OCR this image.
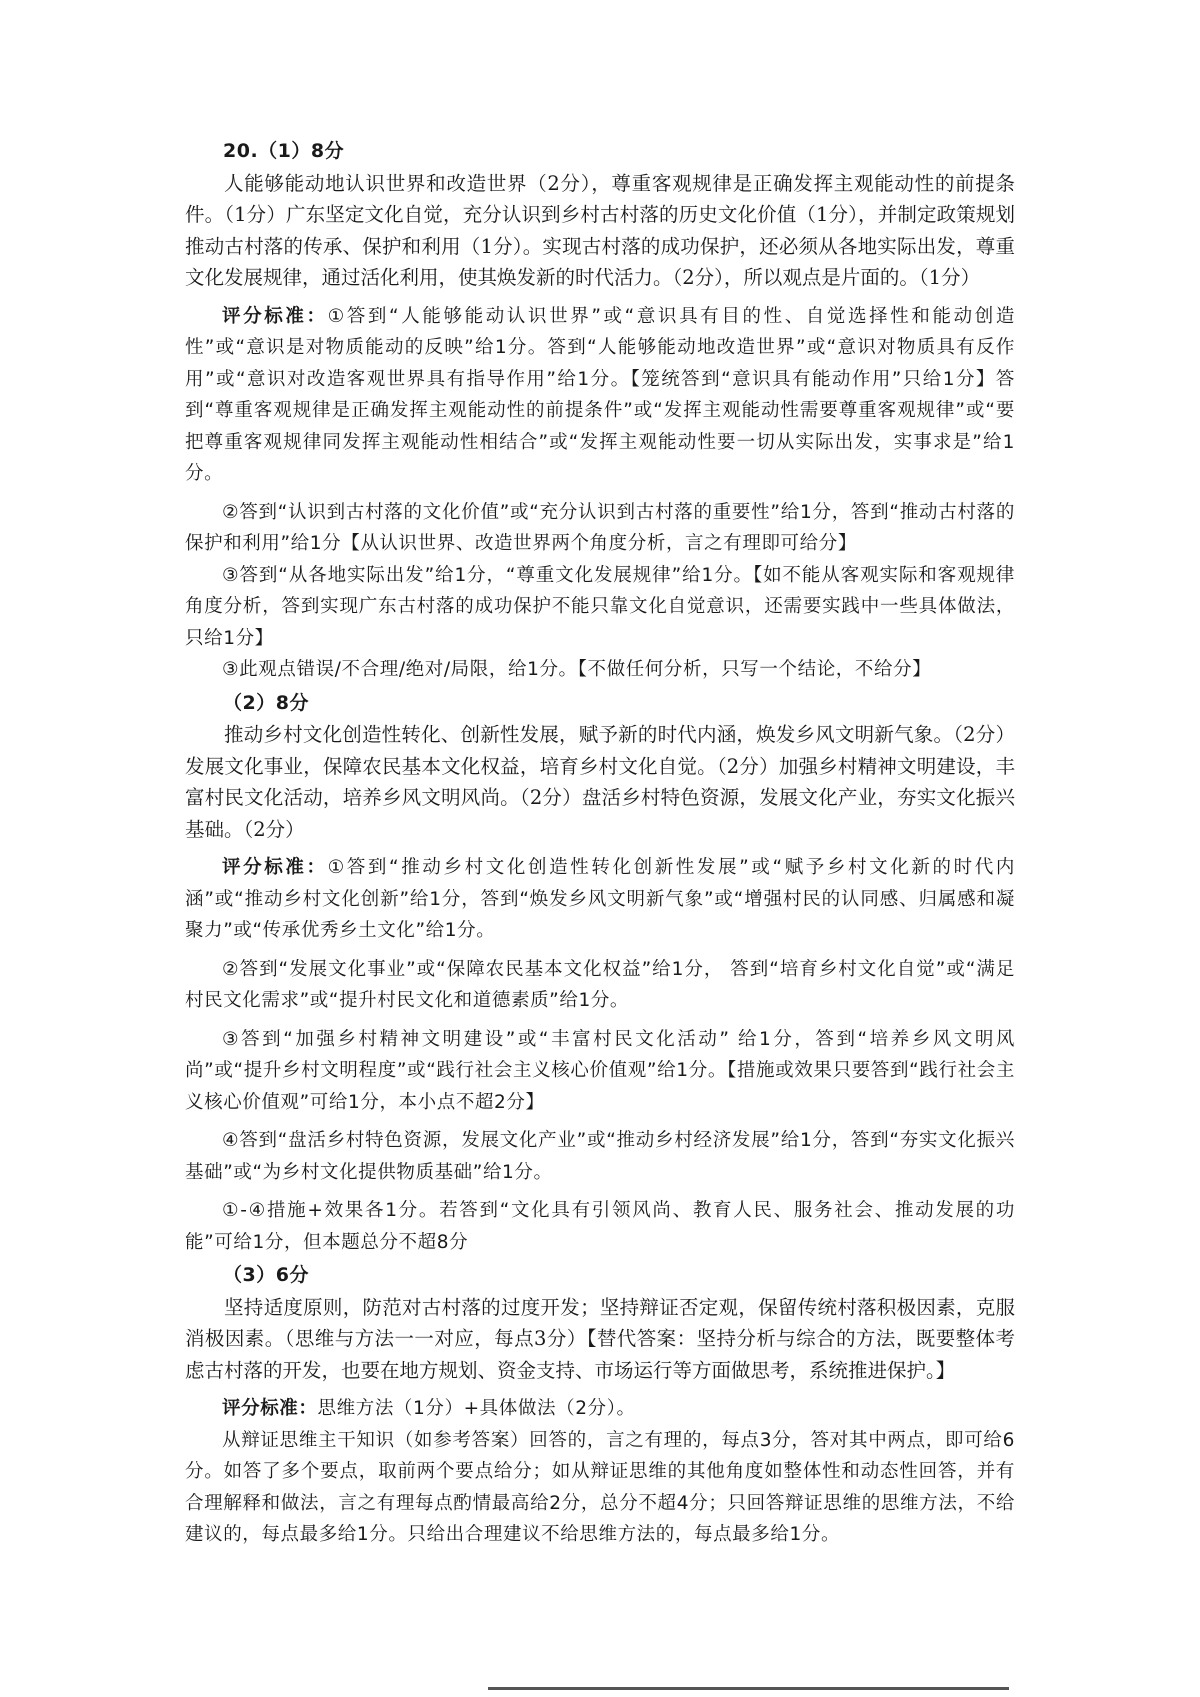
20.（1）8分

人能够能动地认识世界和改造世界（2分），尊重客观规律是正确发挥主观能动性的前提条件。（1分）广东坚定文化自觉，充分认识到乡村古村落的历史文化价值（1分），并制定政策规划推动古村落的传承、保护和利用（1分）。实现古村落的成功保护，还必须从各地实际出发，尊重文化发展规律，通过活化利用，使其焕发新的时代活力。（2分），所以观点是片面的。（1分）

评分标准：①答到“人能够能动认识世界”或“意识具有目的性、自觉选择性和能动创造性”或“意识是对物质能动的反映”给1分。答到“人能够能动地改造世界”或“意识对物质具有反作用”或“意识对改造客观世界具有指导作用”给1分。【笼统答到“意识具有能动作用”只给1分】答到“尊重客观规律是正确发挥主观能动性的前提条件”或“发挥主观能动性需要尊重客观规律”或“要把尊重客观规律同发挥主观能动性相结合”或“发挥主观能动性要一切从实际出发，实事求是”给1分。

②答到“认识到古村落的文化价值”或“充分认识到古村落的重要性”给1分，答到“推动古村落的保护和利用”给1分【从认识世界、改造世界两个角度分析，言之有理即可给分】

③答到“从各地实际出发”给1分，“尊重文化发展规律”给1分。【如不能从客观实际和客观规律角度分析，答到实现广东古村落的成功保护不能只靠文化自觉意识，还需要实践中一些具体做法，只给1分】

③此观点错误/不合理/绝对/局限，给1分。【不做任何分析，只写一个结论，不给分】

（2）8分

推动乡村文化创造性转化、创新性发展，赋予新的时代内涵，焕发乡风文明新气象。（2分）发展文化事业，保障农民基本文化权益，培育乡村文化自觉。（2分）加强乡村精神文明建设，丰富村民文化活动，培养乡风文明风尚。（2分）盘活乡村特色资源，发展文化产业，夯实文化振兴基础。（2分）

评分标准：①答到“推动乡村文化创造性转化创新性发展”或“赋予乡村文化新的时代内涵”或“推动乡村文化创新”给1分，答到“焕发乡风文明新气象”或“增强村民的认同感、归属感和凝聚力”或“传承优秀乡土文化”给1分。

②答到“发展文化事业”或“保障农民基本文化权益”给1分， 答到“培育乡村文化自觉”或“满足村民文化需求”或“提升村民文化和道德素质”给1分。

③答到“加强乡村精神文明建设”或“丰富村民文化活动” 给1分，答到“培养乡风文明风尚”或“提升乡村文明程度”或“践行社会主义核心价值观”给1分。【措施或效果只要答到“践行社会主义核心价值观”可给1分，本小点不超2分】

④答到“盘活乡村特色资源，发展文化产业”或“推动乡村经济发展”给1分，答到“夯实文化振兴基础”或“为乡村文化提供物质基础”给1分。

①-④措施+效果各1分。若答到“文化具有引领风尚、教育人民、服务社会、推动发展的功能”可给1分，但本题总分不超8分

（3）6分

坚持适度原则，防范对古村落的过度开发；坚持辩证否定观，保留传统村落积极因素，克服消极因素。（思维与方法一一对应，每点3分）【替代答案：坚持分析与综合的方法，既要整体考虑古村落的开发，也要在地方规划、资金支持、市场运行等方面做思考，系统推进保护。】

评分标准：思维方法（1分）+具体做法（2分）。

从辩证思维主干知识（如参考答案）回答的，言之有理的，每点3分，答对其中两点，即可给6分。如答了多个要点，取前两个要点给分；如从辩证思维的其他角度如整体性和动态性回答，并有合理解释和做法，言之有理每点酌情最高给2分，总分不超4分；只回答辩证思维的思维方法，不给建议的，每点最多给1分。只给出合理建议不给思维方法的，每点最多给1分。
